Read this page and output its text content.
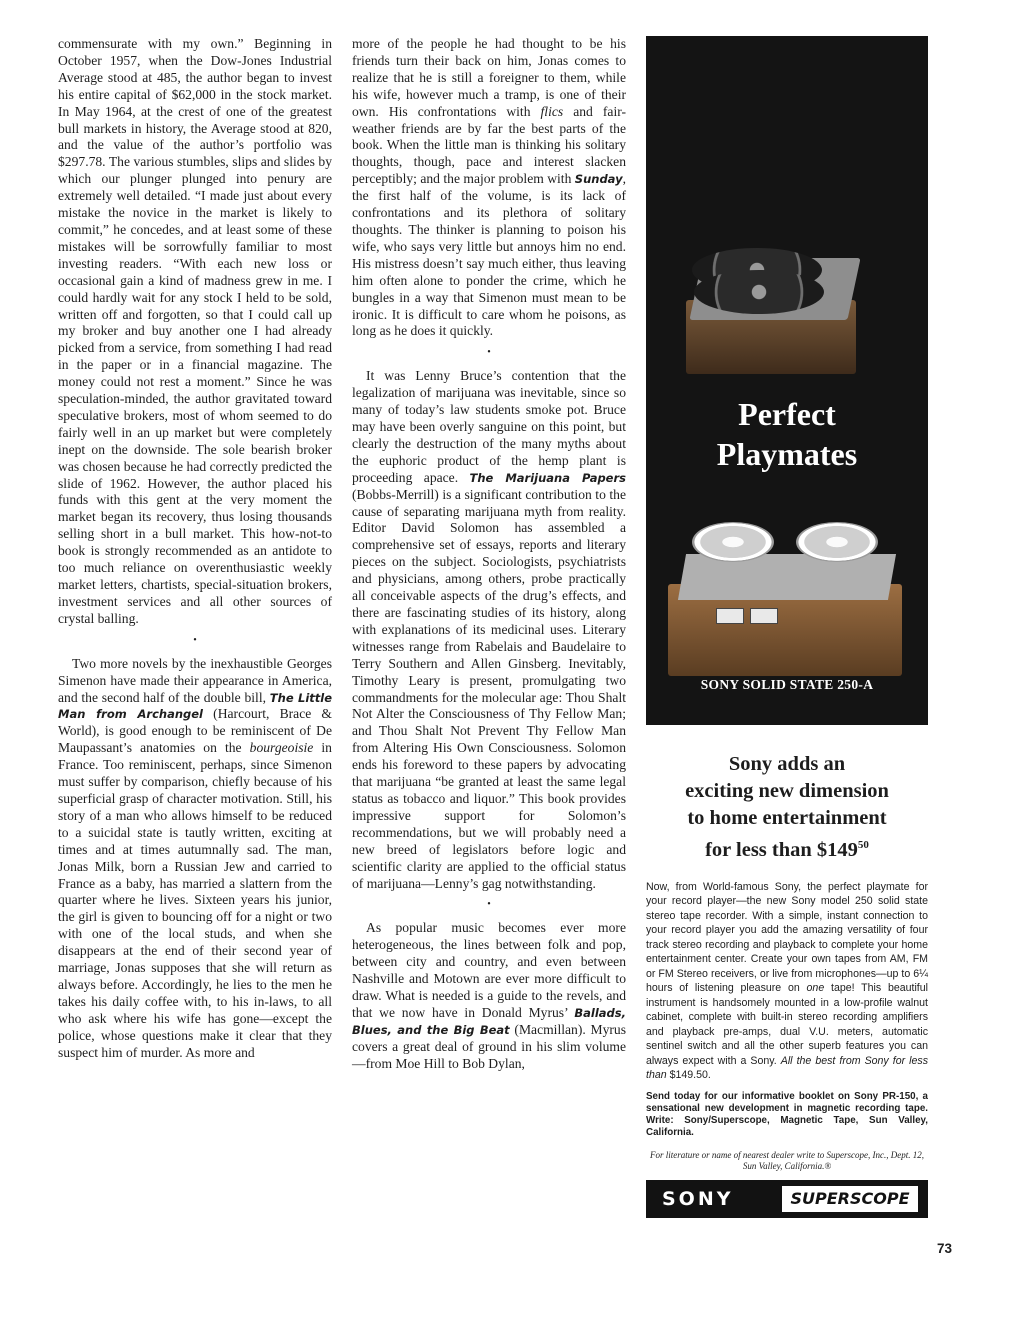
commensurate with my own.” Beginning in October 1957, when the Dow-Jones Industrial Average stood at 485, the author began to invest his entire capital of $62,000 in the stock market. In May 1964, at the crest of one of the greatest bull markets in history, the Average stood at 820, and the value of the author’s portfolio was $297.78. The various stumbles, slips and slides by which our plunger plunged into penury are extremely well detailed. “I made just about every mistake the novice in the market is likely to commit,” he concedes, and at least some of these mistakes will be sorrowfully familiar to most investing readers. “With each new loss or occasional gain a kind of madness grew in me. I could hardly wait for any stock I held to be sold, written off and forgotten, so that I could call up my broker and buy another one I had already picked from a service, from something I had read in the paper or in a financial magazine. The money could not rest a moment.” Since he was speculation-minded, the author gravitated toward speculative brokers, most of whom seemed to do fairly well in an up market but were completely inept on the downside. The sole bearish broker was chosen because he had correctly predicted the slide of 1962. However, the author placed his funds with this gent at the very moment the market began its recovery, thus losing thousands selling short in a bull market. This how-not-to book is strongly recommended as an antidote to too much reliance on overenthusiastic weekly market letters, chartists, special-situation brokers, investment services and all other sources of crystal balling.

•

Two more novels by the inexhaustible Georges Simenon have made their appearance in America, and the second half of the double bill, The Little Man from Archangel (Harcourt, Brace & World), is good enough to be reminiscent of De Maupassant’s anatomies on the bourgeoisie in France. Too reminiscent, perhaps, since Simenon must suffer by comparison, chiefly because of his superficial grasp of character motivation. Still, his story of a man who allows himself to be reduced to a suicidal state is tautly written, exciting at times and at times autumnally sad. The man, Jonas Milk, born a Russian Jew and carried to France as a baby, has married a slattern from the quarter where he lives. Sixteen years his junior, the girl is given to bouncing off for a night or two with one of the local studs, and when she disappears at the end of their second year of marriage, Jonas supposes that she will return as always before. Accordingly, he lies to the men he takes his daily coffee with, to his in-laws, to all who ask where his wife has gone—except the police, whose questions make it clear that they suspect him of murder. As more and

more of the people he had thought to be his friends turn their back on him, Jonas comes to realize that he is still a foreigner to them, while his wife, however much a tramp, is one of their own. His confrontations with flics and fair-weather friends are by far the best parts of the book. When the little man is thinking his solitary thoughts, though, pace and interest slacken perceptibly; and the major problem with Sunday, the first half of the volume, is its lack of confrontations and its plethora of solitary thoughts. The thinker is planning to poison his wife, who says very little but annoys him no end. His mistress doesn’t say much either, thus leaving him often alone to ponder the crime, which he bungles in a way that Simenon must mean to be ironic. It is difficult to care whom he poisons, as long as he does it quickly.

•

It was Lenny Bruce’s contention that the legalization of marijuana was inevitable, since so many of today’s law students smoke pot. Bruce may have been overly sanguine on this point, but clearly the destruction of the many myths about the euphoric product of the hemp plant is proceeding apace. The Marijuana Papers (Bobbs-Merrill) is a significant contribution to the cause of separating marijuana myth from reality. Editor David Solomon has assembled a comprehensive set of essays, reports and literary pieces on the subject. Sociologists, psychiatrists and physicians, among others, probe practically all conceivable aspects of the drug’s effects, and there are fascinating studies of its history, along with explanations of its medicinal uses. Literary witnesses range from Rabelais and Baudelaire to Terry Southern and Allen Ginsberg. Inevitably, Timothy Leary is present, promulgating two commandments for the molecular age: Thou Shalt Not Alter the Consciousness of Thy Fellow Man; and Thou Shalt Not Prevent Thy Fellow Man from Altering His Own Consciousness. Solomon ends his foreword to these papers by advocating that marijuana “be granted at least the same legal status as tobacco and liquor.” This book provides impressive support for Solomon’s recommendations, but we will probably need a new breed of legislators before logic and scientific clarity are applied to the official status of marijuana—Lenny’s gag notwithstanding.

•

As popular music becomes ever more heterogeneous, the lines between folk and pop, between city and country, and even between Nashville and Motown are ever more difficult to draw. What is needed is a guide to the revels, and that we now have in Donald Myrus’ Ballads, Blues, and the Big Beat (Macmillan). Myrus covers a great deal of ground in his slim volume—from Moe Hill to Bob Dylan,

Perfect
Playmates
SONY SOLID STATE 250-A
Sony adds an
exciting new dimension
to home entertainment
for less than $\$149^{50}$
Now, from World-famous Sony, the perfect playmate for your record player—the new Sony model 250 solid state stereo tape recorder. With a simple, instant connection to your record player you add the amazing versatility of four track stereo recording and playback to complete your home entertainment center. Create your own tapes from AM, FM or FM Stereo receivers, or live from microphones—up to 6¼ hours of listening pleasure on one tape! This beautiful instrument is handsomely mounted in a low-profile walnut cabinet, complete with built-in stereo recording amplifiers and playback pre-amps, dual V.U. meters, automatic sentinel switch and all the other superb features you can always expect with a Sony. All the best from Sony for less than $149.50.
Send today for our informative booklet on Sony PR-150, a sensational new development in magnetic recording tape. Write: Sony/Superscope, Magnetic Tape, Sun Valley, California.
For literature or name of nearest dealer write to Superscope, Inc., Dept. 12, Sun Valley, California.®
SONY	SUPERSCOPE
73
